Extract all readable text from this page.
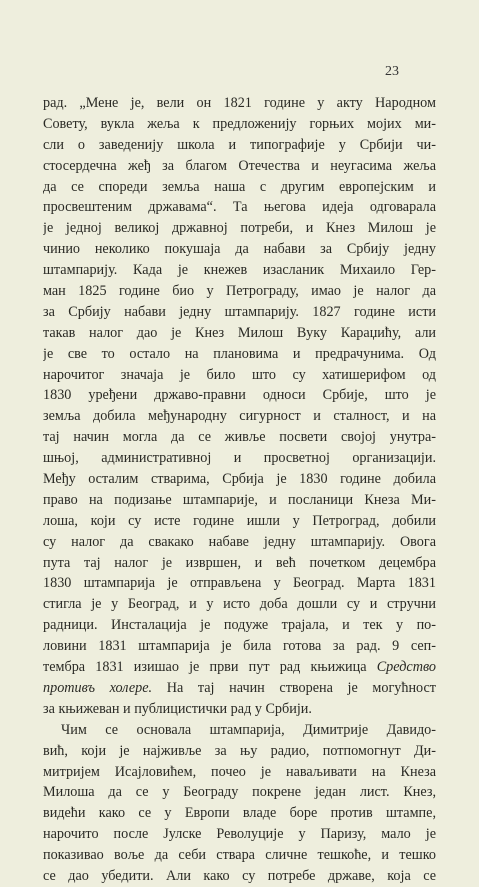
23
рад. „Мене је, вели он 1821 године у акту Народном
Совету, вукла жеља к предложенију горњих мојих ми-
сли о заведенију школа и типографије у Србији чи-
стосердечна жеђ за благом Отечества и неугасима жеља
да се спореди земља наша с другим европејским и
просвештеним државама“. Та његова идеја одговарала
је једној великој државној потреби, и Кнез Милош је
чинио неколико покушаја да набави за Србију једну
штампарију. Када је кнежев изасланик Михаило Гер-
ман 1825 године био у Петрограду, имао је налог да
за Србију набави једну штампарију. 1827 године исти
такав налог дао је Кнез Милош Вуку Караџићу, али
је све то остало на плановима и предрачунима. Од
нарочитог значаја је било што су хатишерифом од
1830 уређени државо-правни односи Србије, што је
земља добила међународну сигурност и сталност, и на
тај начин могла да се живље посвети својој унутра-
шњој, административној и просветној организацији.
Међу осталим стварима, Србија је 1830 године добила
право на подизање штампарије, и посланици Кнеза Ми-
лоша, који су исте године ишли у Петроград, добили
су налог да свакако набаве једну штампарију. Овога
пута тај налог је извршен, и већ почетком децембра
1830 штампарија је отправљена у Београд. Марта 1831
стигла је у Београд, и у исто доба дошли су и стручни
радници. Инсталација је подуже трајала, и тек у по-
ловини 1831 штампарија је била готова за рад. 9 сеп-
тембра 1831 изишао је први пут рад књижица Средство
противъ холере. На тај начин створена је могућност
за књижеван и публицистички рад у Србији.
Чим се основала штампарија, Димитрије Давидо-
вић, који је најживље за њу радио, потпомогнут Ди-
митријем Исајловићем, почео је наваљивати на Кнеза
Милоша да се у Београду покрене један лист. Кнез,
видећи како се у Европи владе боре против штампе,
нарочито после Јулске Револуције у Паризу, мало је
показивао воље да себи ствара сличне тешкоће, и тешко
се дао убедити. Али како су потребе државе, која се
